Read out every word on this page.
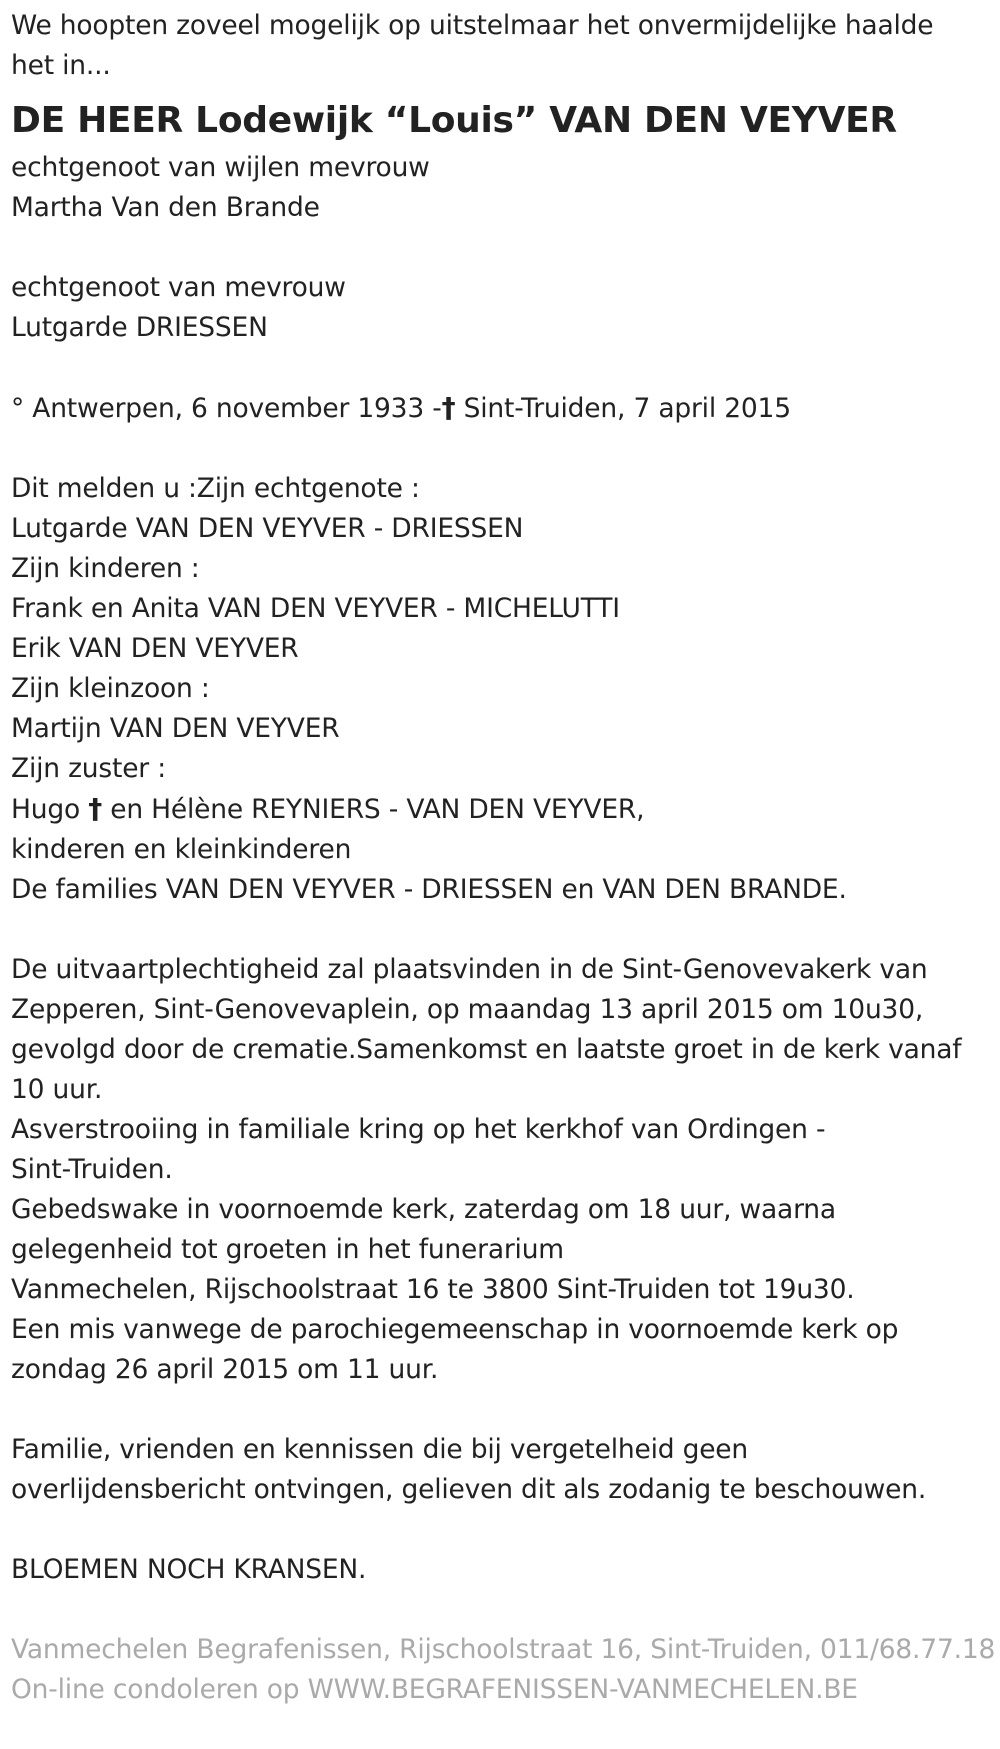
We hoopten zoveel mogelijk op uitstelmaar het onvermijdelijke haalde
het in...
DE HEER Lodewijk “Louis” VAN DEN VEYVER
echtgenoot van wijlen mevrouw
Martha Van den Brande
echtgenoot van mevrouw
Lutgarde DRIESSEN
° Antwerpen, 6 november 1933 -† Sint-Truiden, 7 april 2015
Dit melden u :Zijn echtgenote :
Lutgarde VAN DEN VEYVER - DRIESSEN
Zijn kinderen :
Frank en Anita VAN DEN VEYVER - MICHELUTTI
Erik VAN DEN VEYVER
Zijn kleinzoon :
Martijn VAN DEN VEYVER
Zijn zuster :
Hugo † en Hélène REYNIERS - VAN DEN VEYVER,
kinderen en kleinkinderen
De families VAN DEN VEYVER - DRIESSEN en VAN DEN BRANDE.
De uitvaartplechtigheid zal plaatsvinden in de Sint-Genovevakerk van
Zepperen, Sint-Genovevaplein, op maandag 13 april 2015 om 10u30,
gevolgd door de crematie.Samenkomst en laatste groet in de kerk vanaf
10 uur.
Asverstrooiing in familiale kring op het kerkhof van Ordingen -
Sint-Truiden.
Gebedswake in voornoemde kerk, zaterdag om 18 uur, waarna
gelegenheid tot groeten in het funerarium
Vanmechelen, Rijschoolstraat 16 te 3800 Sint-Truiden tot 19u30.
Een mis vanwege de parochiegemeenschap in voornoemde kerk op
zondag 26 april 2015 om 11 uur.
Familie, vrienden en kennissen die bij vergetelheid geen
overlijdensbericht ontvingen, gelieven dit als zodanig te beschouwen.
BLOEMEN NOCH KRANSEN.
Vanmechelen Begrafenissen, Rijschoolstraat 16, Sint-Truiden, 011/68.77.18
On-line condoleren op WWW.BEGRAFENISSEN-VANMECHELEN.BE
